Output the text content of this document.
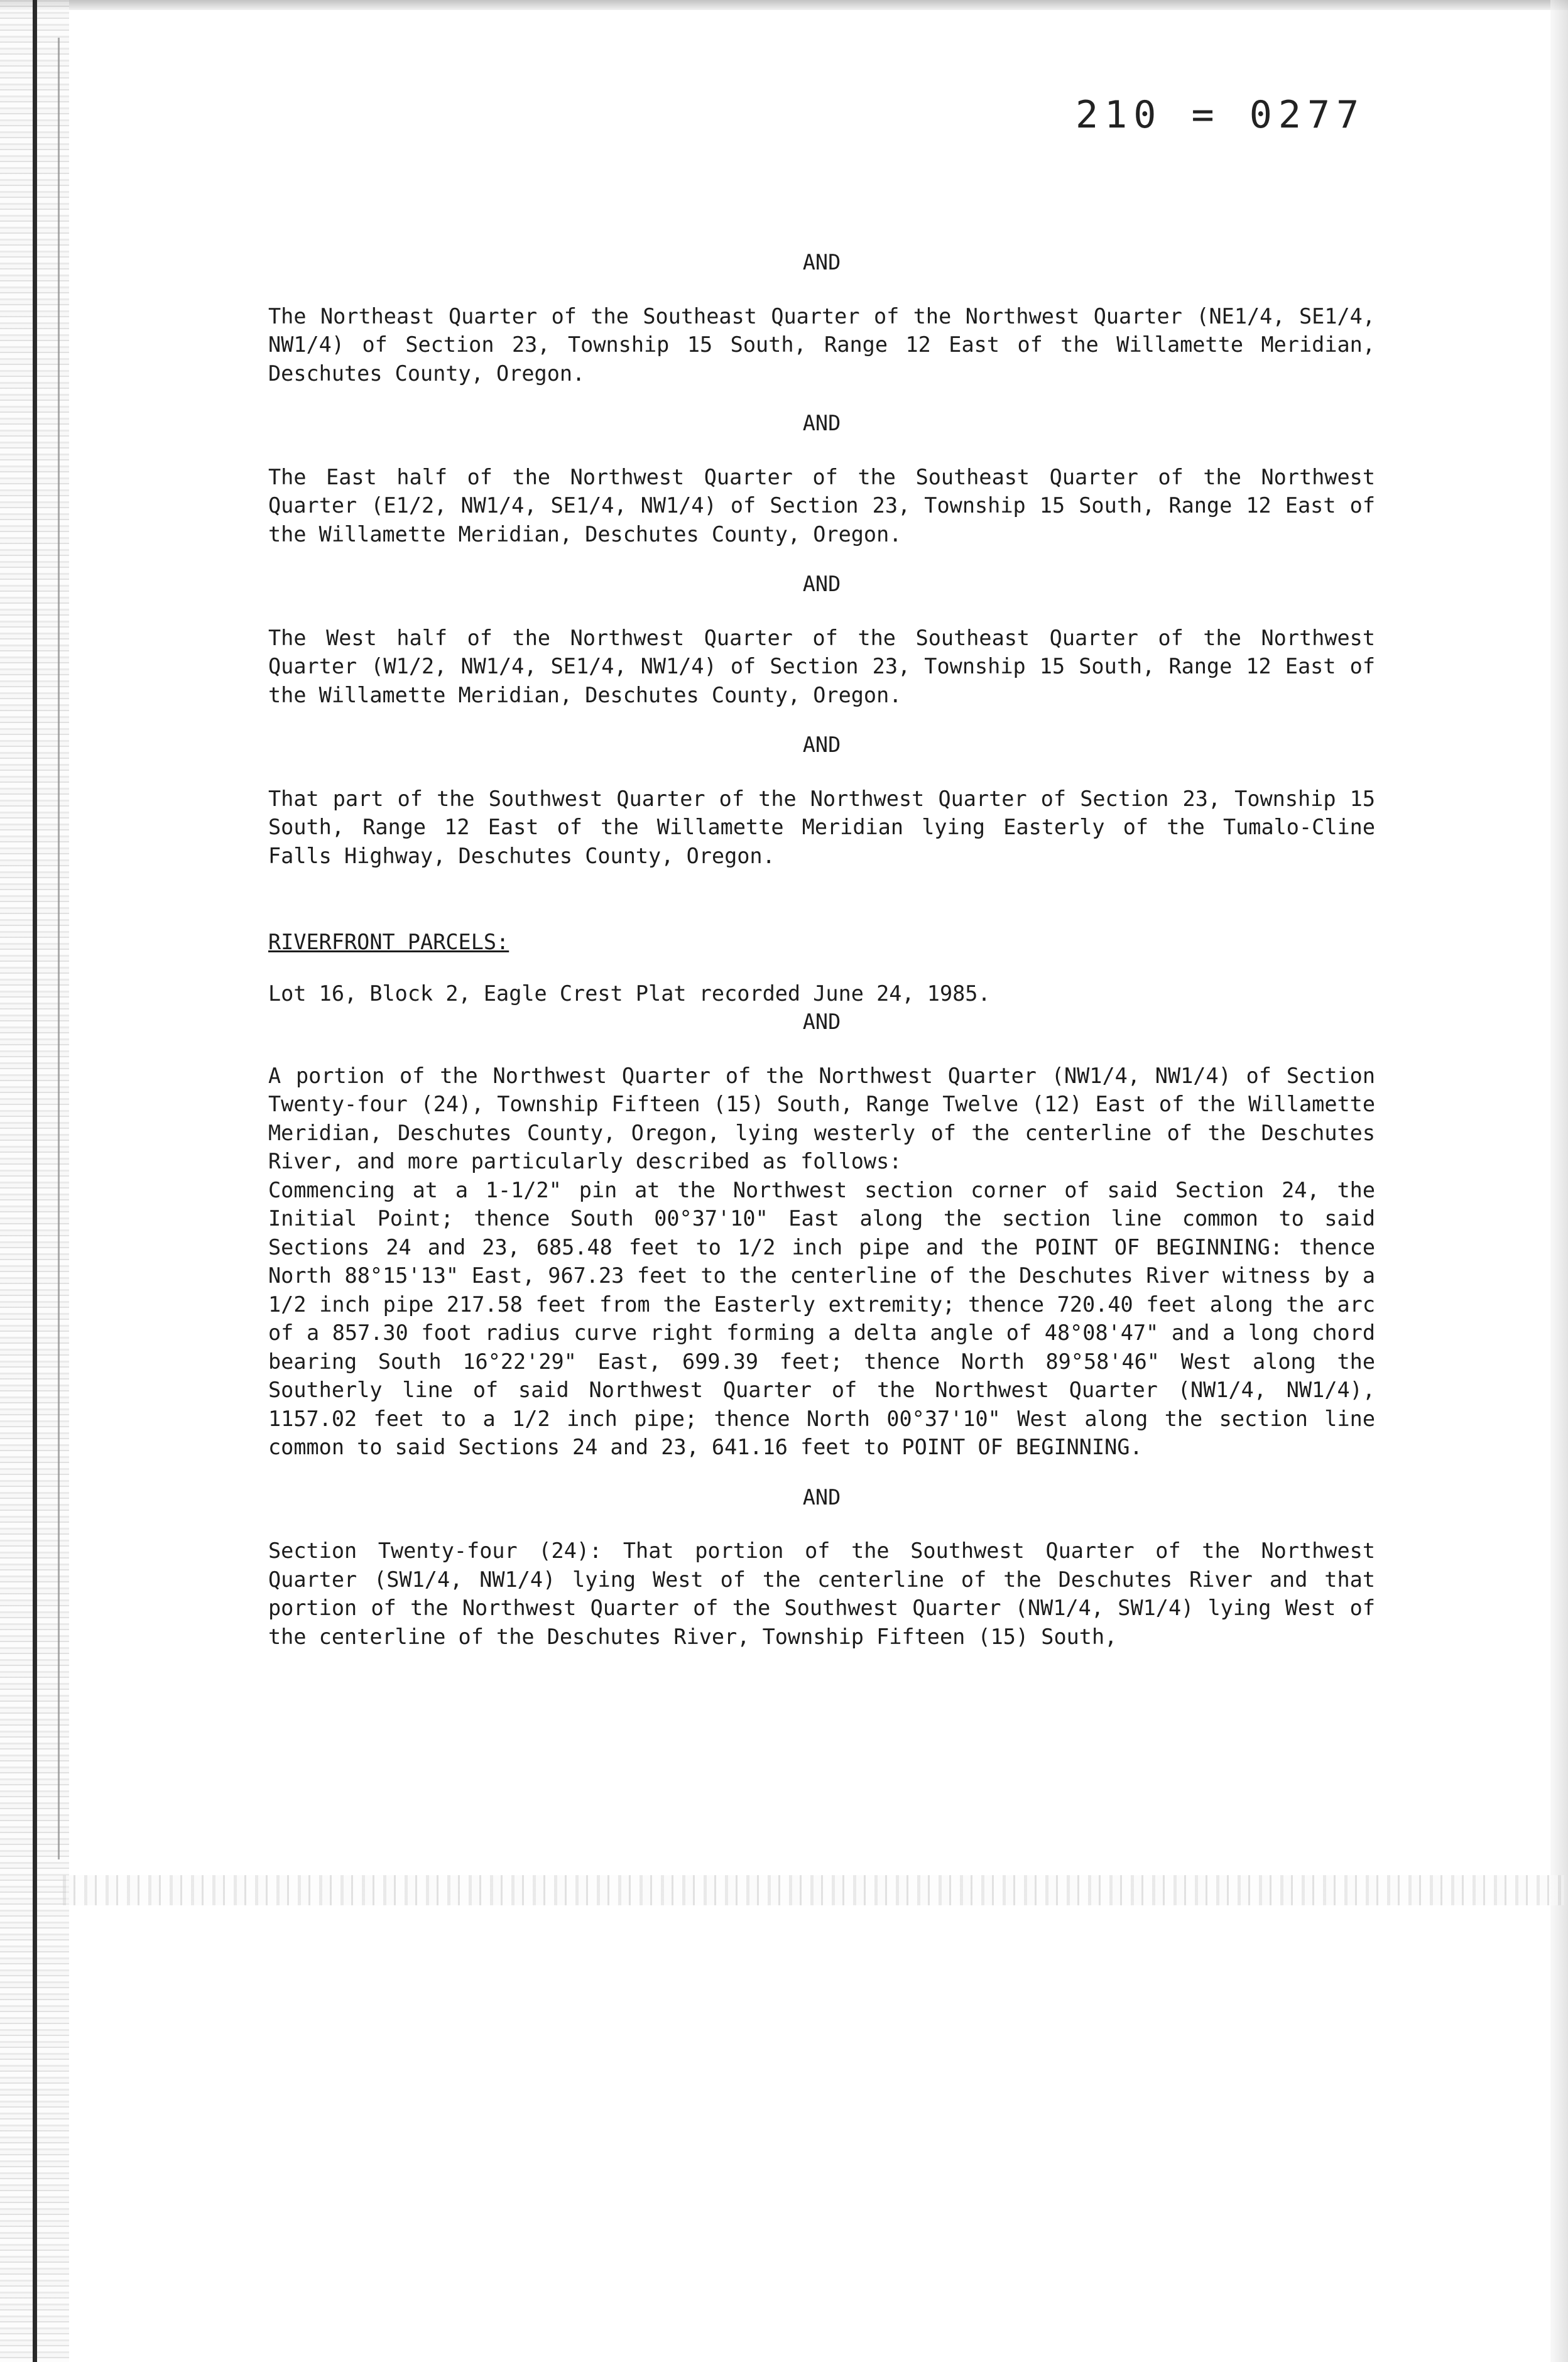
210 = 0277
AND

The Northeast Quarter of the Southeast Quarter of the Northwest Quarter (NE1/4, SE1/4, NW1/4) of Section 23, Township 15 South, Range 12 East of the Willamette Meridian, Deschutes County, Oregon.

AND

The East half of the Northwest Quarter of the Southeast Quarter of the Northwest Quarter (E1/2, NW1/4, SE1/4, NW1/4) of Section 23, Township 15 South, Range 12 East of the Willamette Meridian, Deschutes County, Oregon.

AND

The West half of the Northwest Quarter of the Southeast Quarter of the Northwest Quarter (W1/2, NW1/4, SE1/4, NW1/4) of Section 23, Township 15 South, Range 12 East of the Willamette Meridian, Deschutes County, Oregon.

AND

That part of the Southwest Quarter of the Northwest Quarter of Section 23, Township 15 South, Range 12 East of the Willamette Meridian lying Easterly of the Tumalo-Cline Falls Highway, Deschutes County, Oregon.

RIVERFRONT PARCELS:

Lot 16, Block 2, Eagle Crest Plat recorded June 24, 1985.

AND

A portion of the Northwest Quarter of the Northwest Quarter (NW1/4, NW1/4) of Section Twenty-four (24), Township Fifteen (15) South, Range Twelve (12) East of the Willamette Meridian, Deschutes County, Oregon, lying westerly of the centerline of the Deschutes River, and more particularly described as follows:

Commencing at a 1-1/2" pin at the Northwest section corner of said Section 24, the Initial Point; thence South 00°37'10" East along the section line common to said Sections 24 and 23, 685.48 feet to 1/2 inch pipe and the POINT OF BEGINNING: thence North 88°15'13" East, 967.23 feet to the centerline of the Deschutes River witness by a 1/2 inch pipe 217.58 feet from the Easterly extremity; thence 720.40 feet along the arc of a 857.30 foot radius curve right forming a delta angle of 48°08'47" and a long chord bearing South 16°22'29" East, 699.39 feet; thence North 89°58'46" West along the Southerly line of said Northwest Quarter of the Northwest Quarter (NW1/4, NW1/4), 1157.02 feet to a 1/2 inch pipe; thence North 00°37'10" West along the section line common to said Sections 24 and 23, 641.16 feet to POINT OF BEGINNING.

AND

Section Twenty-four (24): That portion of the Southwest Quarter of the Northwest Quarter (SW1/4, NW1/4) lying West of the centerline of the Deschutes River and that portion of the Northwest Quarter of the Southwest Quarter (NW1/4, SW1/4) lying West of the centerline of the Deschutes River, Township Fifteen (15) South,
